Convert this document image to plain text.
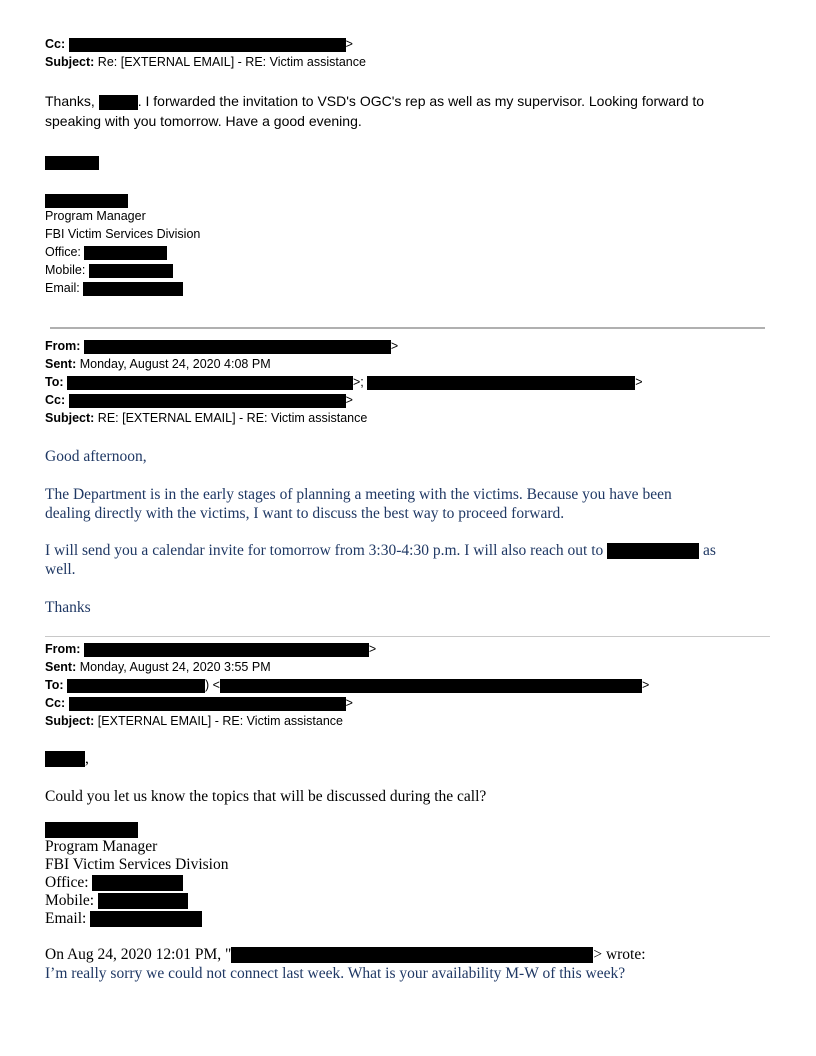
Cc:	>
Subject: Re: [EXTERNAL EMAIL] - RE: Victim assistance

Thanks,	. I forwarded the invitation to VSD's OGC's rep as well as my supervisor. Looking forward to

speaking with you tomorrow. Have a good evening.

Program Manager

FBI Victim Services Division

Office:

Mobile:

Email:

From:	>

Sent: Monday, August 24, 2020 4:08 PM

To:	>;	>

Cc:	>

Subject: RE: [EXTERNAL EMAIL] - RE: Victim assistance

Good afternoon,

The Department is in the early stages of planning a meeting with the victims. Because you have been

dealing directly with the victims, I want to discuss the best way to proceed forward.

I will send you a calendar invite for tomorrow from 3:30-4:30 p.m. I will also reach out to	as

well.

Thanks

From:	>

Sent: Monday, August 24, 2020 3:55 PM

To:	) <	>

Cc:	>

Subject: [EXTERNAL EMAIL] - RE: Victim assistance

,
Could you let us know the topics that will be discussed during the call?

Program Manager

FBI Victim Services Division

Office:

Mobile:

Email:

On Aug 24, 2020 12:01 PM, "	> wrote:
I’m really sorry we could not connect last week. What is your availability M-W of this week?
